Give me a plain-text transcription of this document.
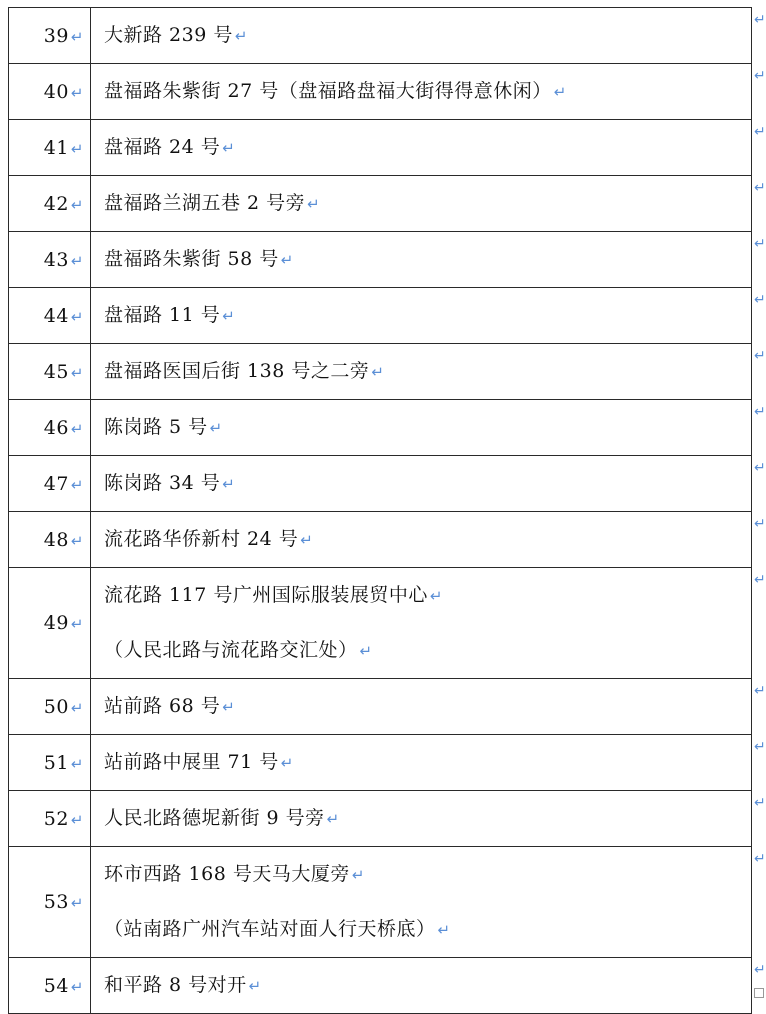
39 ↵	大新路 239 号 ↵

40 ↵	盘福路朱紫街 27 号（盘福路盘福大街得得意休闲） ↵

41 ↵	盘福路 24 号 ↵

42 ↵	盘福路兰湖五巷 2 号旁 ↵

43 ↵	盘福路朱紫街 58 号 ↵

44 ↵	盘福路 11 号 ↵

45 ↵	盘福路医国后街 138 号之二旁 ↵

46 ↵	陈岗路 5 号 ↵

47 ↵	陈岗路 34 号 ↵

48 ↵	流花路华侨新村 24 号 ↵

49 ↵	流花路 117 号广州国际服装展贸中心 ↵
（人民北路与流花路交汇处） ↵

50 ↵	站前路 68 号 ↵

51 ↵	站前路中展里 71 号 ↵

52 ↵	人民北路德坭新街 9 号旁 ↵

53 ↵	环市西路 168 号天马大厦旁 ↵
（站南路广州汽车站对面人行天桥底） ↵

54 ↵	和平路 8 号对开 ↵
↵
↵
↵
↵
↵
↵
↵
↵
↵
↵
↵
↵
↵
↵
↵
↵
